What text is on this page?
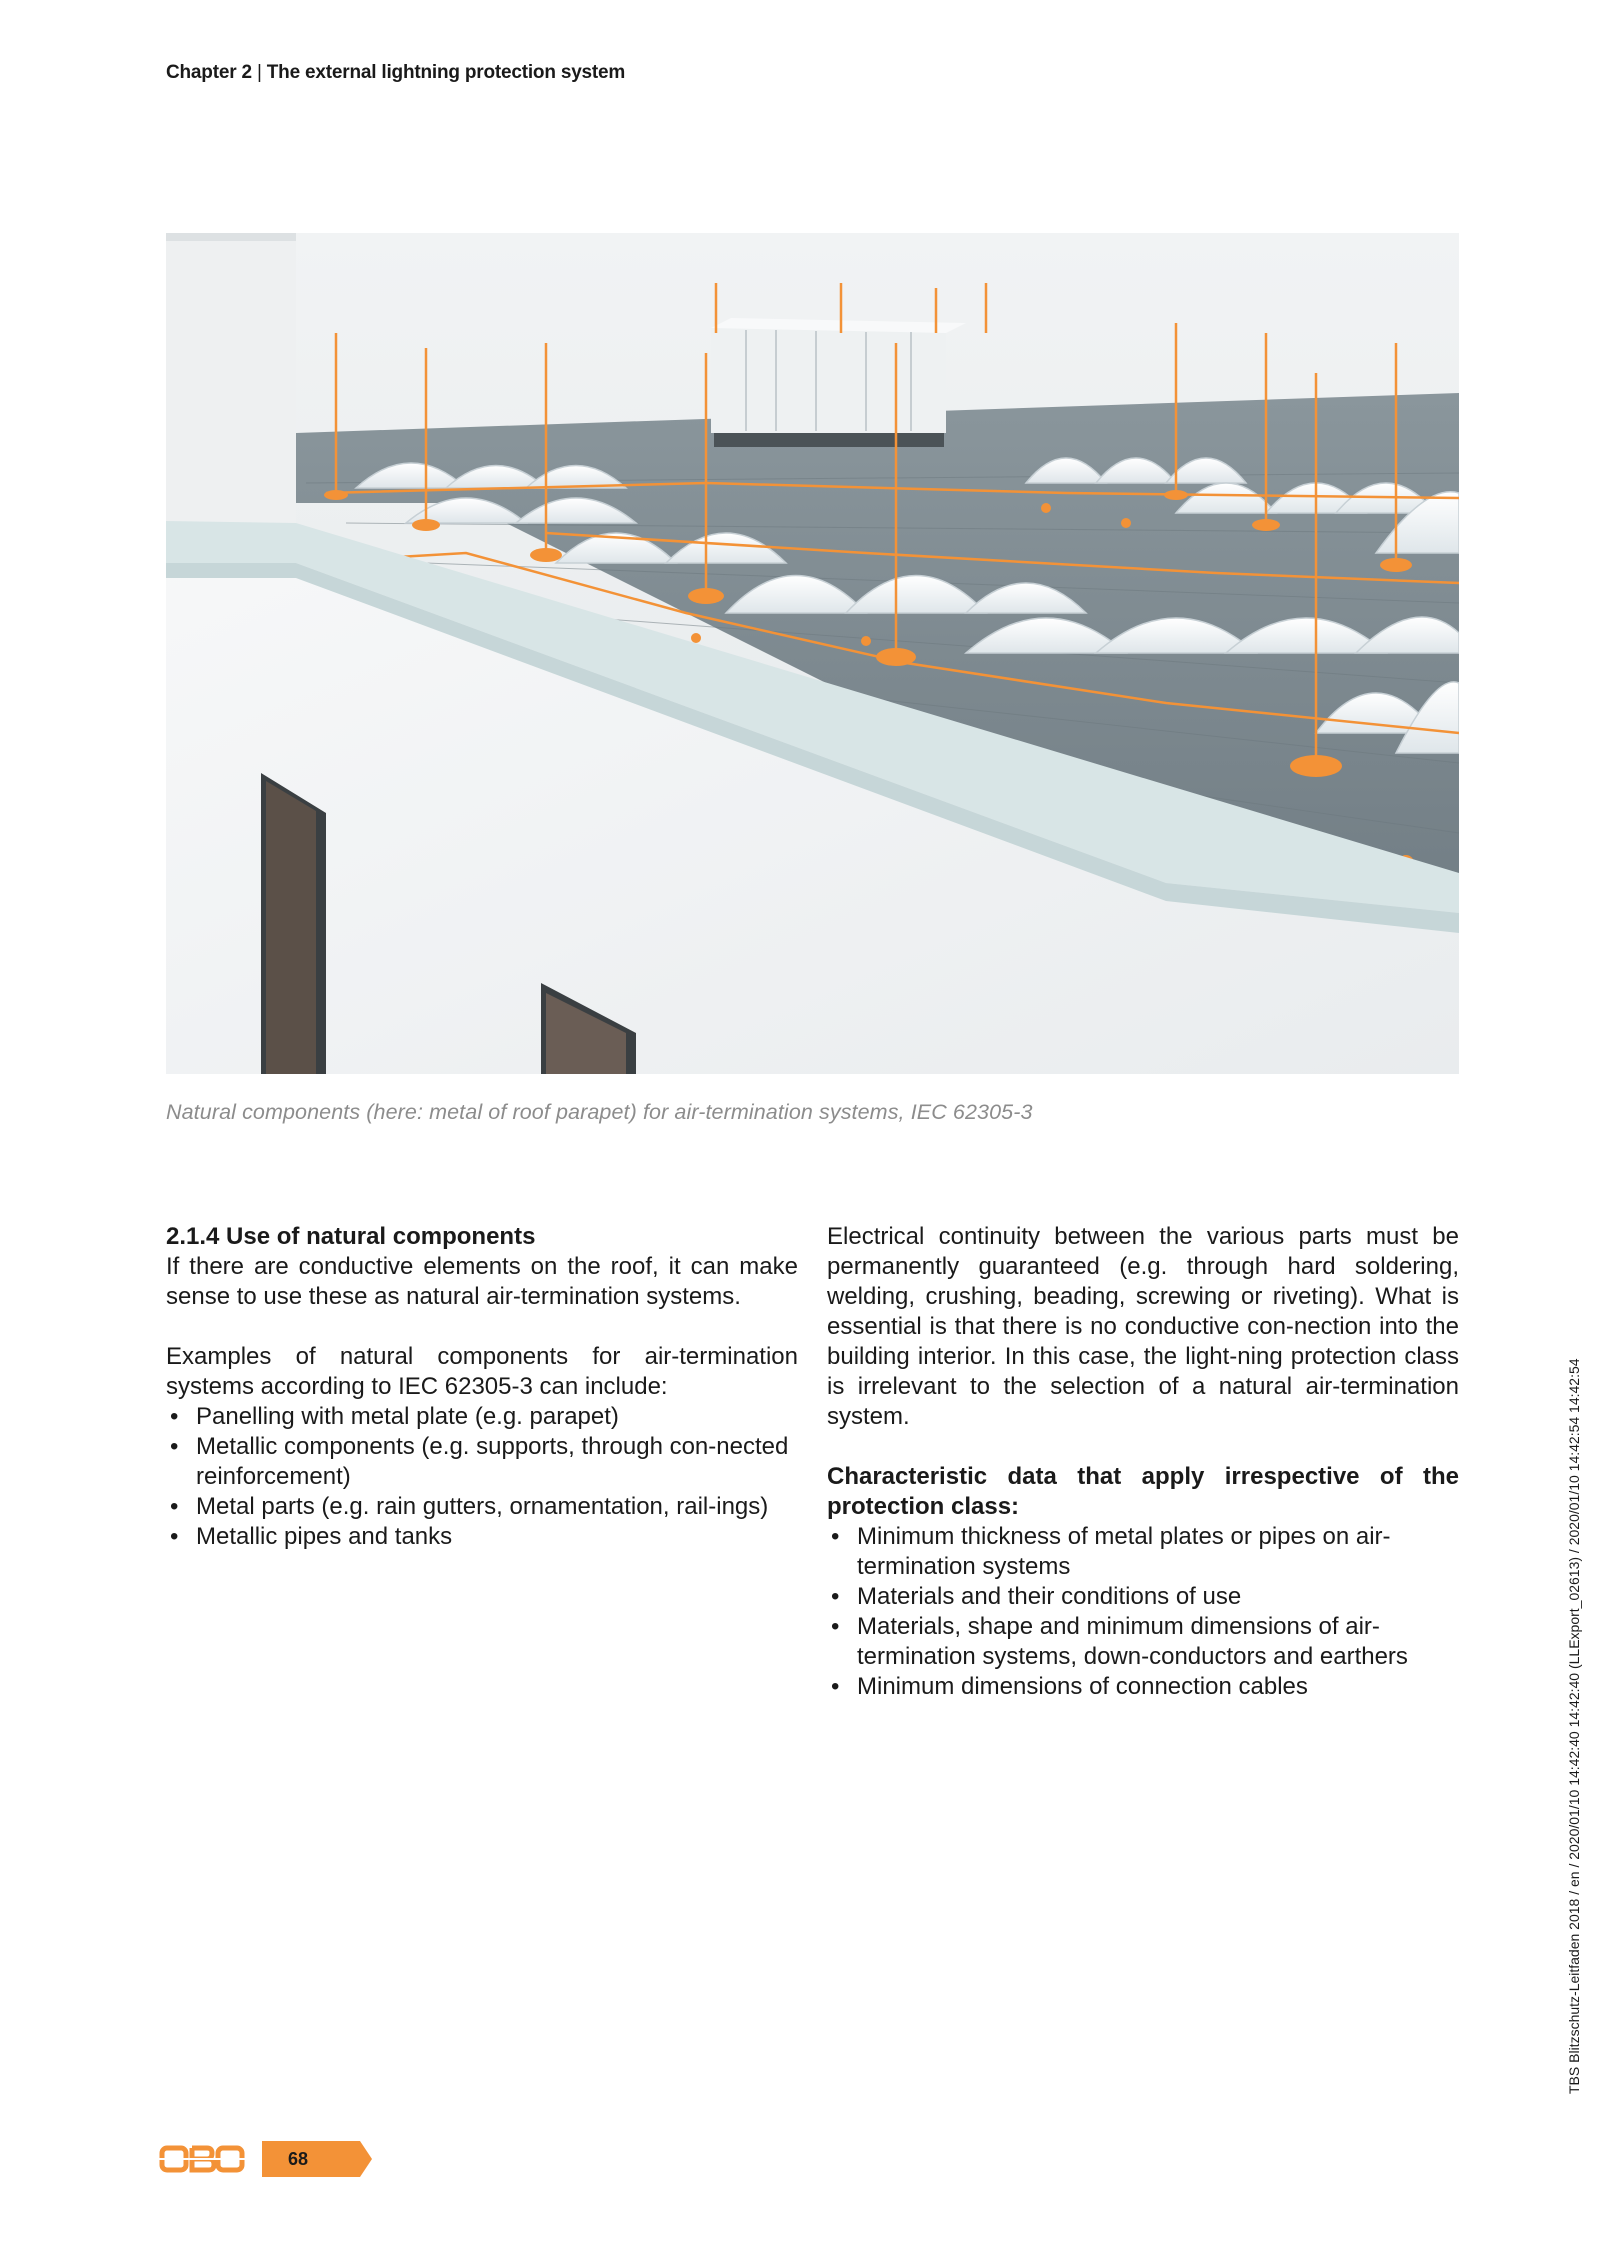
Chapter 2 | The external lightning protection system
Natural components (here: metal of roof parapet) for air-termination systems, IEC 62305-3
2.1.4 Use of natural components

If there are conductive elements on the roof, it can make sense to use these as natural air-termination systems.

Examples of natural components for air-termination systems according to IEC 62305-3 can include:

• Panelling with metal plate (e.g. parapet)
• Metallic components (e.g. supports, through con-nected reinforcement)
• Metal parts (e.g. rain gutters, ornamentation, rail-ings)
• Metallic pipes and tanks

Electrical continuity between the various parts must be permanently guaranteed (e.g. through hard soldering, welding, crushing, beading, screwing or riveting). What is essential is that there is no conductive con-nection into the building interior. In this case, the light-ning protection class is irrelevant to the selection of a natural air-termination system.

Characteristic data that apply irrespective of the protection class:
• Minimum thickness of metal plates or pipes on air-termination systems
• Materials and their conditions of use
• Materials, shape and minimum dimensions of air-termination systems, down-conductors and earthers
• Minimum dimensions of connection cables	TBS Blitzschutz-Leitfaden 2018 / en / 2020/01/10 14:42:40 14:42:40 (LLExport_02613) / 2020/01/10 14:42:54 14:42:54
68
